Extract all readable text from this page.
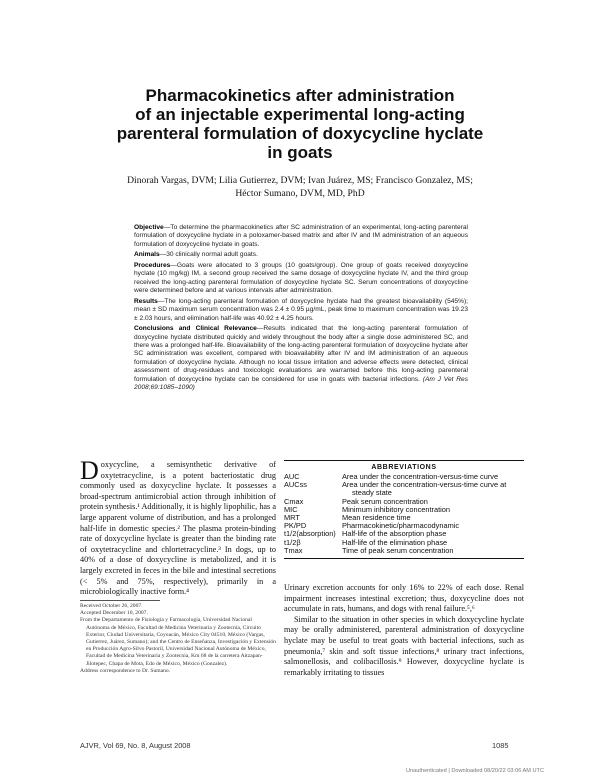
Pharmacokinetics after administration
of an injectable experimental long-acting
parenteral formulation of doxycycline hyclate
in goats
Dinorah Vargas, DVM; Lilia Gutierrez, DVM; Ivan Juárez, MS; Francisco Gonzalez, MS;
Héctor Sumano, DVM, MD, PhD

Objective—To determine the pharmacokinetics after SC administration of an experimental, long-acting parenteral formulation of doxycycline hyclate in a poloxamer-based matrix and after IV and IM administration of an aqueous formulation of doxycycline hyclate in goats.

Animals—30 clinically normal adult goats.

Procedures—Goats were allocated to 3 groups (10 goats/group). One group of goats received doxycycline hyclate (10 mg/kg) IM, a second group received the same dosage of doxycycline hyclate IV, and the third group received the long-acting parenteral formulation of doxycycline hyclate SC. Serum concentrations of doxycycline were determined before and at various intervals after administration.

Results—The long-acting parenteral formulation of doxycycline hyclate had the greatest bioavailability (545%); mean ± SD maximum serum concentration was 2.4 ± 0.95 µg/mL, peak time to maximum concentration was 19.23 ± 2.03 hours, and elimination half-life was 40.92 ± 4.25 hours.

Conclusions and Clinical Relevance—Results indicated that the long-acting parenteral formulation of doxycycline hyclate distributed quickly and widely throughout the body after a single dose administered SC, and there was a prolonged half-life. Bioavailability of the long-acting parenteral formulation of doxycycline hyclate after SC administration was excellent, compared with bioavailability after IV and IM administration of an aqueous formulation of doxycycline hyclate. Although no local tissue irritation and adverse effects were detected, clinical assessment of drug-residues and toxicologic evaluations are warranted before this long-acting parenteral formulation of doxycycline hyclate can be considered for use in goats with bacterial infections. (Am J Vet Res 2008;69:1085–1090)

Doxycycline, a semisynthetic derivative of oxytetracycline, is a potent bacteriostatic drug commonly used as doxycycline hyclate. It possesses a broad-spectrum antimicrobial action through inhibition of protein synthesis.¹ Additionally, it is highly lipophilic, has a large apparent volume of distribution, and has a prolonged half-life in domestic species.² The plasma protein-binding rate of doxycycline hyclate is greater than the binding rate of oxytetracycline and chlortetracycline.³ In dogs, up to 40% of a dose of doxycycline is metabolized, and it is largely excreted in feces in the bile and intestinal secretions (< 5% and 75%, respectively), primarily in a microbiologically inactive form.⁴

Received October 26, 2007.

Accepted December 10, 2007.

From the Departamento de Fisiología y Farmacología, Universidad Nacional Autónoma de México, Facultad de Medicina Veterinaria y Zootecnia, Circuito Exterior, Ciudad Universitaria, Coyoacán, México City 04510, México (Vargas, Gutierrez, Juárez, Sumano); and the Centro de Enseñanza, Investigación y Extensión en Producción Agro-Silvo Pastoril, Universidad Nacional Autónoma de México, Facultad de Medicina Veterinaria y Zootecnia, Km 68 de la carretera Aitzapan-Jilotepec, Chapa de Mota, Edo de México, México (Gonzalez).

Address correspondence to Dr. Sumano.

ABBREVIATIONS
AUC	Area under the concentration-versus-time curve
AUCss	Area under the concentration-versus-time curve at steady state
Cmax	Peak serum concentration
MIC	Minimum inhibitory concentration
MRT	Mean residence time
PK/PD	Pharmacokinetic/pharmacodynamic
t1/2(absorption) Half-life of the absorption phase
t1/2β	Half-life of the elimination phase
Tmax	Time of peak serum concentration

Urinary excretion accounts for only 16% to 22% of each dose. Renal impairment increases intestinal excretion; thus, doxycycline does not accumulate in rats, humans, and dogs with renal failure.⁵,⁶

Similar to the situation in other species in which doxycycline hyclate may be orally administered, parenteral administration of doxycycline hyclate may be useful to treat goats with bacterial infections, such as pneumonia,⁷ skin and soft tissue infections,⁸ urinary tract infections, salmonellosis, and colibacillosis.⁹ However, doxycycline hyclate is remarkably irritating to tissues

AJVR, Vol 69, No. 8, August 2008	1085
Unauthenticated | Downloaded 08/20/22 03:06 AM UTC
